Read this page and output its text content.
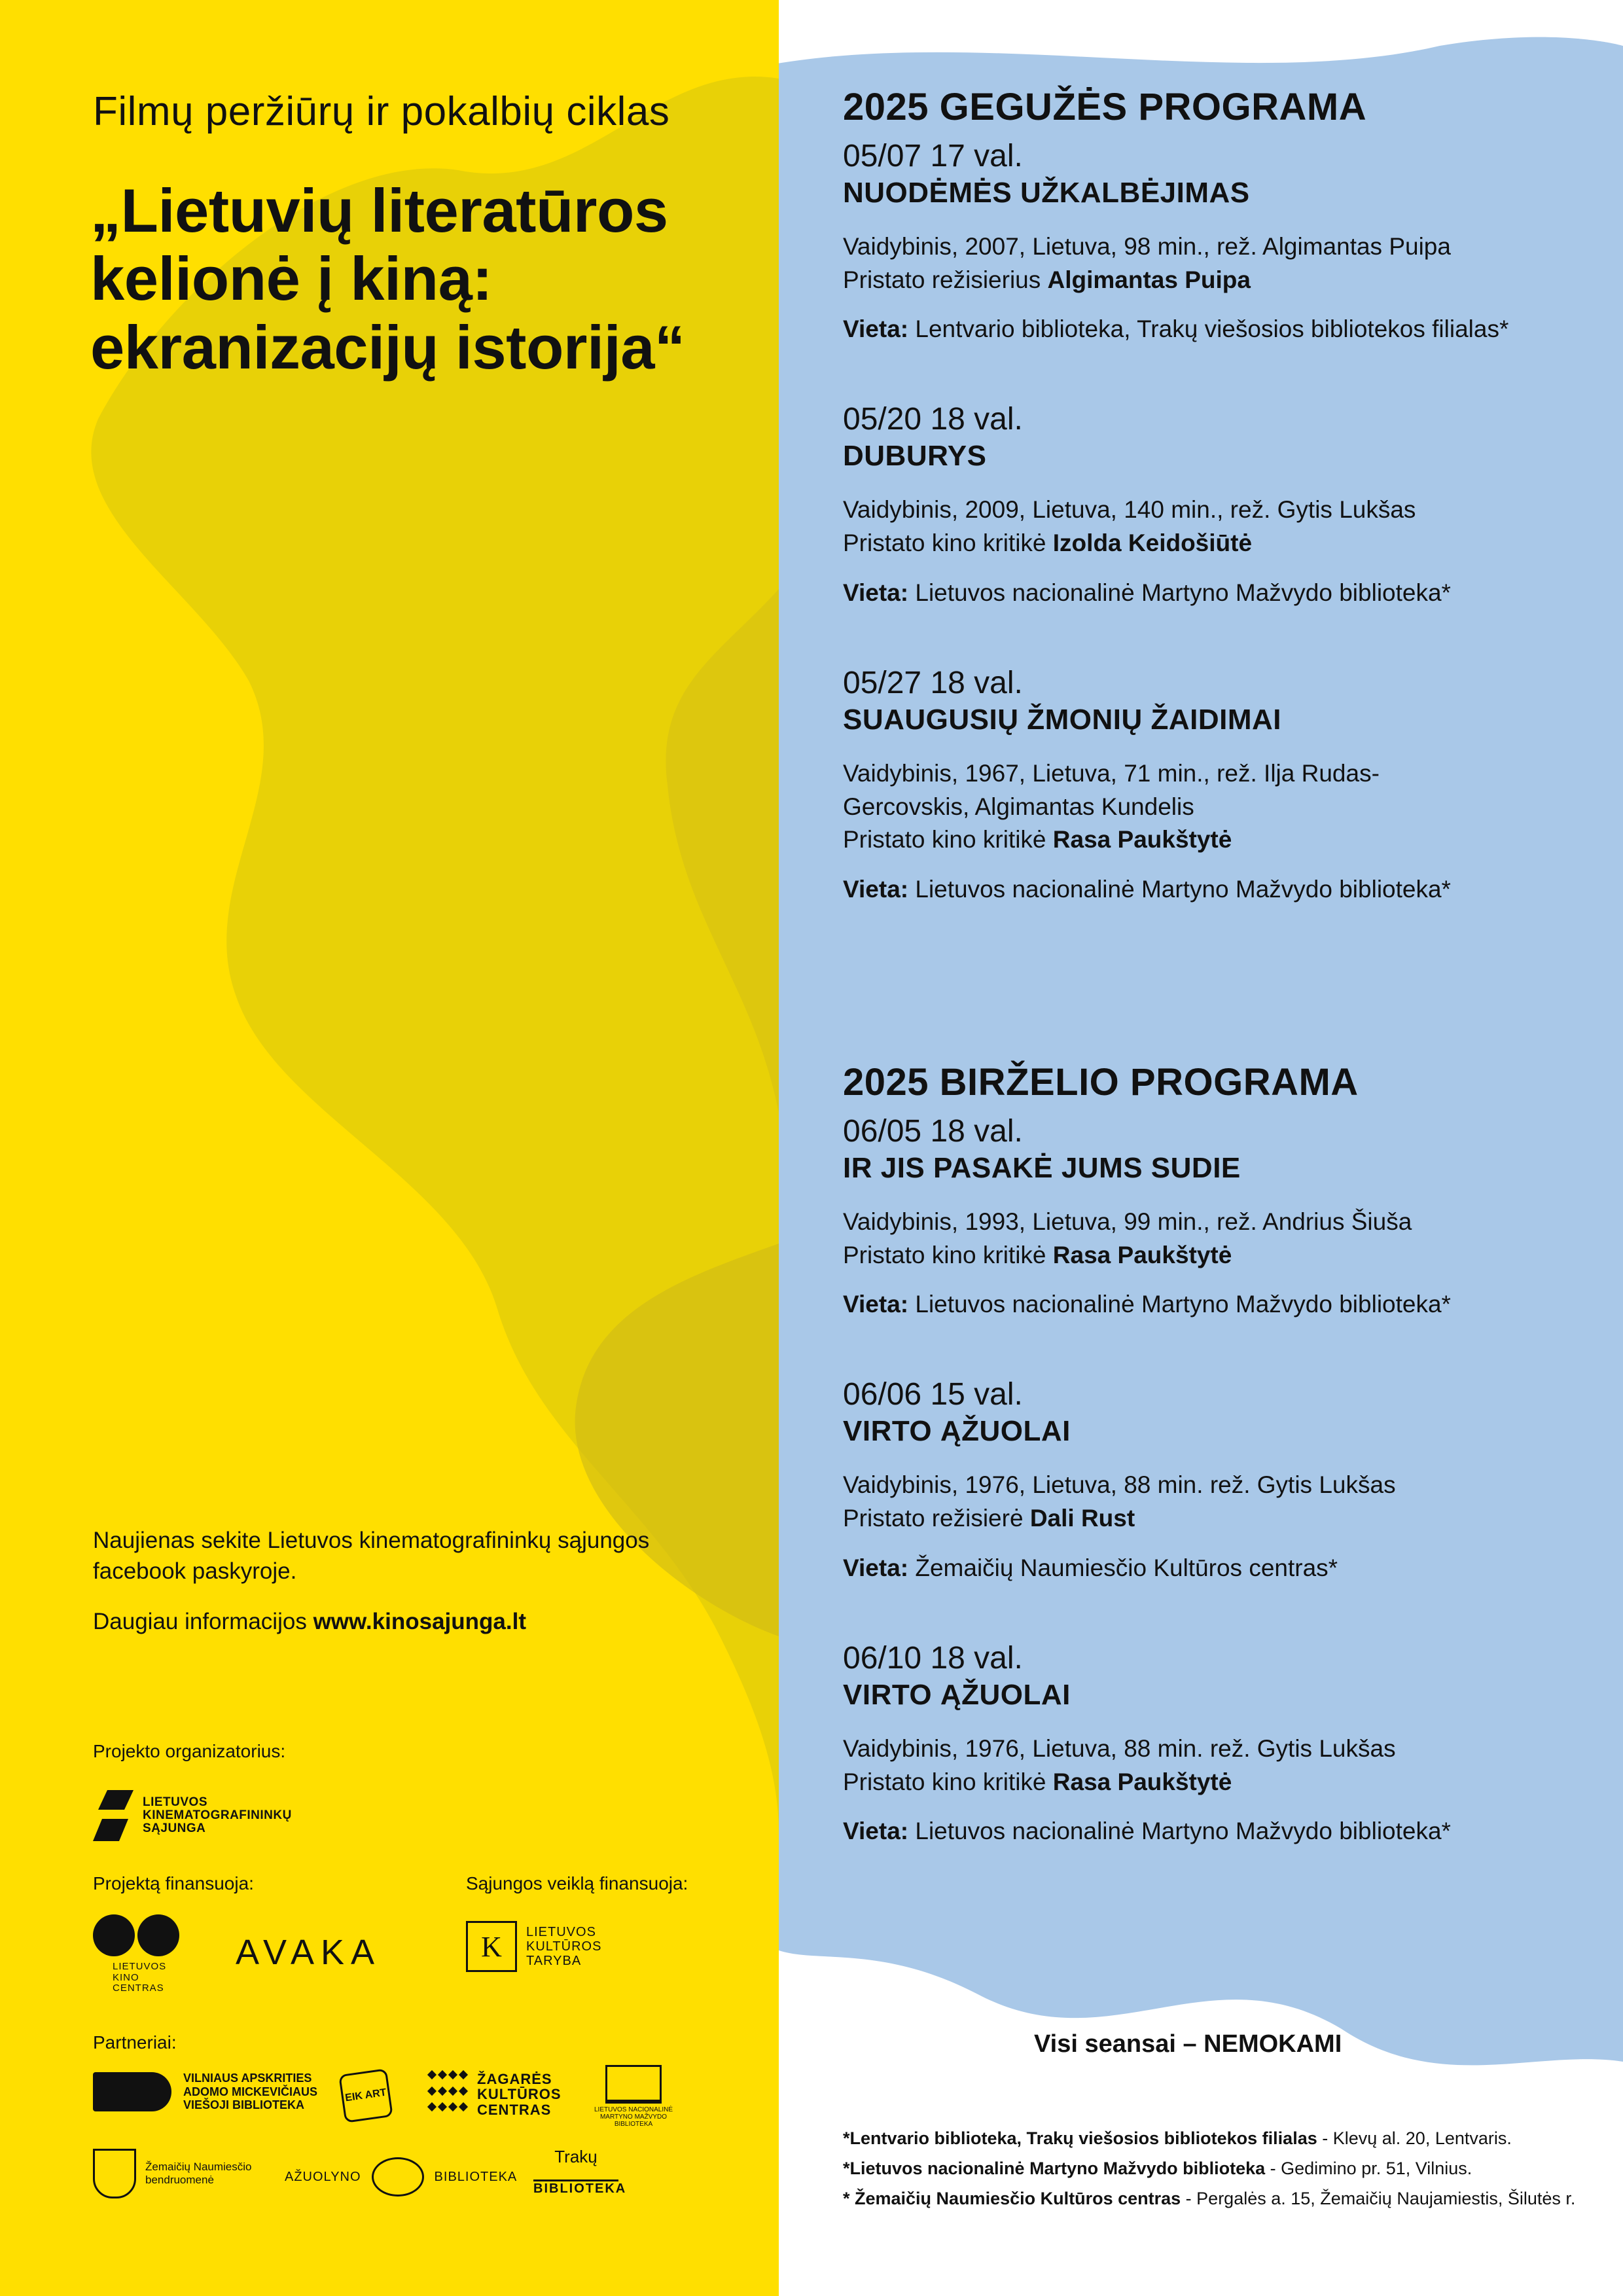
Filmų peržiūrų ir pokalbių ciklas
„Lietuvių literatūros
kelionė į kiną:
ekranizacijų istorija“
Naujienas sekite Lietuvos kinematografininkų sąjungos facebook paskyroje.
Daugiau informacijos www.kinosajunga.lt
Projekto organizatorius:
Projektą finansuoja:	Sąjungos veiklą finansuoja:
Partneriai:
LIETUVOS
KINEMATOGRAFININKŲ
SĄJUNGA
LIETUVOS
KINO
CENTRAS
AVAKA	K	LIETUVOS
KULTŪROS
TARYBA
VILNIAUS APSKRITIES
ADOMO MICKEVIČIAUS
VIEŠOJI BIBLIOTEKA
EIK ART
ŽAGARĖS
KULTŪROS
CENTRAS	LIETUVOS NACIONALINĖ MARTYNO MAŽVYDO BIBLIOTEKA
Žemaičių Naumiesčio
bendruomenė	AŽUOLYNO	BIBLIOTEKA
Trakų
BIBLIOTEKA
2025 GEGUŽĖS PROGRAMA
05/07 17 val.
NUODĖMĖS UŽKALBĖJIMAS
Vaidybinis, 2007, Lietuva, 98 min., rež. Algimantas Puipa
Pristato režisierius Algimantas Puipa
Vieta: Lentvario biblioteka, Trakų viešosios bibliotekos filialas*
05/20 18 val.
DUBURYS
Vaidybinis, 2009, Lietuva, 140 min., rež. Gytis Lukšas
Pristato kino kritikė Izolda Keidošiūtė
Vieta: Lietuvos nacionalinė Martyno Mažvydo biblioteka*
05/27 18 val.
SUAUGUSIŲ ŽMONIŲ ŽAIDIMAI
Vaidybinis, 1967, Lietuva, 71 min., rež. Ilja Rudas-Gercovskis, Algimantas Kundelis
Pristato kino kritikė Rasa Paukštytė
Vieta: Lietuvos nacionalinė Martyno Mažvydo biblioteka*
2025 BIRŽELIO PROGRAMA
06/05 18 val.
IR JIS PASAKĖ JUMS SUDIE
Vaidybinis, 1993, Lietuva, 99 min., rež. Andrius Šiuša
Pristato kino kritikė Rasa Paukštytė
Vieta: Lietuvos nacionalinė Martyno Mažvydo biblioteka*
06/06 15 val.
VIRTO ĄŽUOLAI
Vaidybinis, 1976, Lietuva, 88 min. rež. Gytis Lukšas
Pristato režisierė Dali Rust
Vieta: Žemaičių Naumiesčio Kultūros centras*
06/10 18 val.
VIRTO ĄŽUOLAI
Vaidybinis, 1976, Lietuva, 88 min. rež. Gytis Lukšas
Pristato kino kritikė Rasa Paukštytė
Vieta: Lietuvos nacionalinė Martyno Mažvydo biblioteka*
Visi seansai – NEMOKAMI
*Lentvario biblioteka, Trakų viešosios bibliotekos filialas - Klevų al. 20, Lentvaris.
*Lietuvos nacionalinė Martyno Mažvydo biblioteka - Gedimino pr. 51, Vilnius.
* Žemaičių Naumiesčio Kultūros centras - Pergalės a. 15, Žemaičių Naujamiestis, Šilutės r.
